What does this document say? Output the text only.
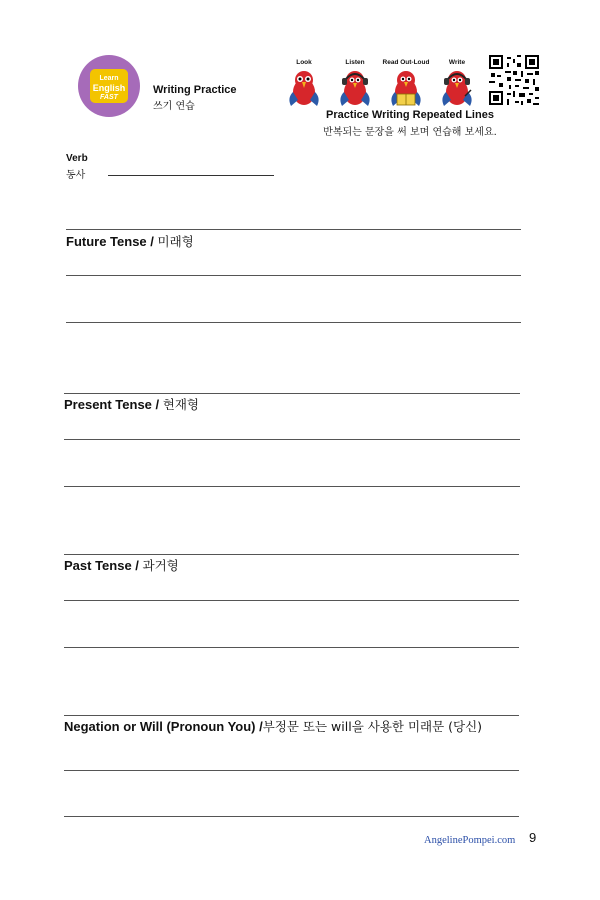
Learn
English
FAST
Writing Practice
쓰기 연습
Look	Listen	Read Out-Loud	Write
Practice Writing Repeated Lines
반복되는 문장을 써 보며 연습해 보세요.
Verb
동사
Future Tense / 미래형
Present Tense / 현재형
Past Tense / 과거형
Negation or Will (Pronoun You) /부정문 또는 will을 사용한 미래문 (당신)
AngelinePompei.com 9
